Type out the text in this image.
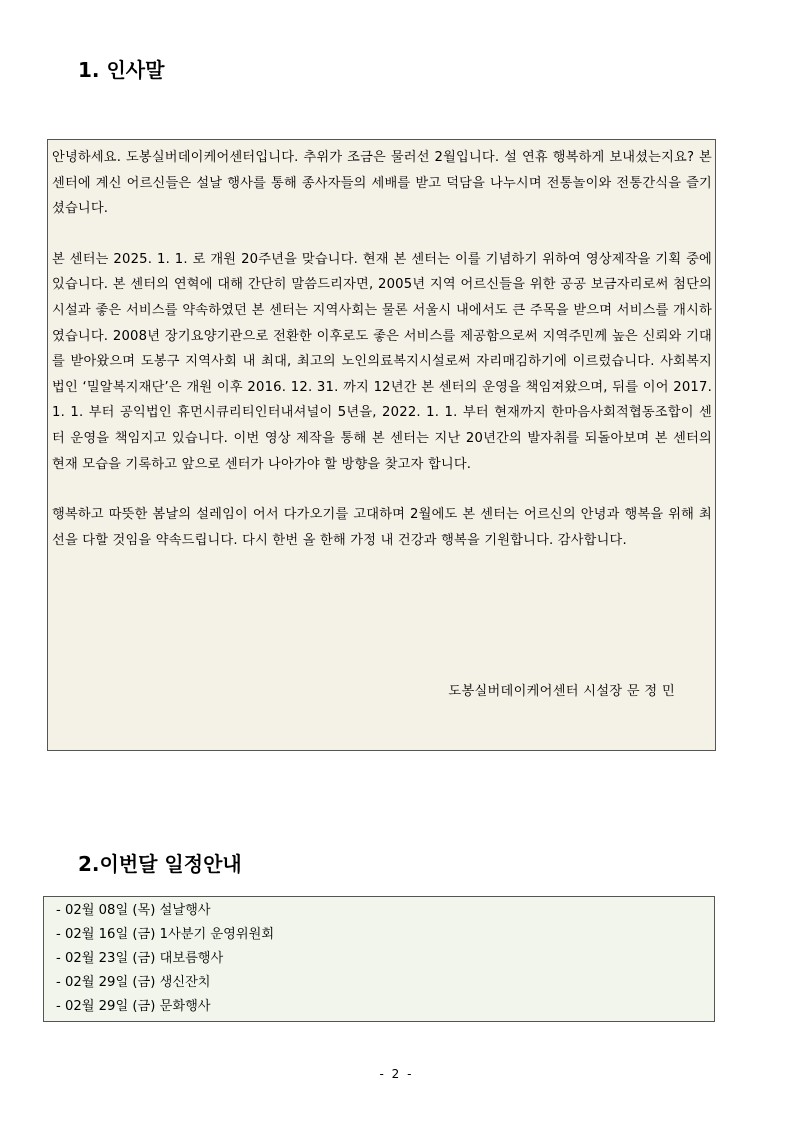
1. 인사말

안녕하세요. 도봉실버데이케어센터입니다. 추위가 조금은 물러선 2월입니다. 설 연휴 행복하게 보내셨는지요? 본 센터에 계신 어르신들은 설날 행사를 통해 종사자들의 세배를 받고 덕담을 나누시며 전통놀이와 전통간식을 즐기셨습니다.

본 센터는 2025. 1. 1. 로 개원 20주년을 맞습니다. 현재 본 센터는 이를 기념하기 위하여 영상제작을 기획 중에 있습니다. 본 센터의 연혁에 대해 간단히 말씀드리자면, 2005년 지역 어르신들을 위한 공공 보금자리로써 첨단의 시설과 좋은 서비스를 약속하였던 본 센터는 지역사회는 물론 서울시 내에서도 큰 주목을 받으며 서비스를 개시하였습니다. 2008년 장기요양기관으로 전환한 이후로도 좋은 서비스를 제공함으로써 지역주민께 높은 신뢰와 기대를 받아왔으며 도봉구 지역사회 내 최대, 최고의 노인의료복지시설로써 자리매김하기에 이르렀습니다. 사회복지법인 ‘밀알복지재단’은 개원 이후 2016. 12. 31. 까지 12년간 본 센터의 운영을 책임져왔으며, 뒤를 이어 2017. 1. 1. 부터 공익법인 휴먼시큐리티인터내셔널이 5년을, 2022. 1. 1. 부터 현재까지 한마음사회적협동조합이 센터 운영을 책임지고 있습니다. 이번 영상 제작을 통해 본 센터는 지난 20년간의 발자취를 되돌아보며 본 센터의 현재 모습을 기록하고 앞으로 센터가 나아가야 할 방향을 찾고자 합니다.

행복하고 따뜻한 봄날의 설레임이 어서 다가오기를 고대하며 2월에도 본 센터는 어르신의 안녕과 행복을 위해 최선을 다할 것임을 약속드립니다. 다시 한번 올 한해 가정 내 건강과 행복을 기원합니다. 감사합니다.

도봉실버데이케어센터 시설장 문 정 민
2.이번달 일정안내
- 02월 08일 (목) 설날행사
- 02월 16일 (금) 1사분기 운영위원회
- 02월 23일 (금) 대보름행사
- 02월 29일 (금) 생신잔치
- 02월 29일 (금) 문화행사
- 2 -
